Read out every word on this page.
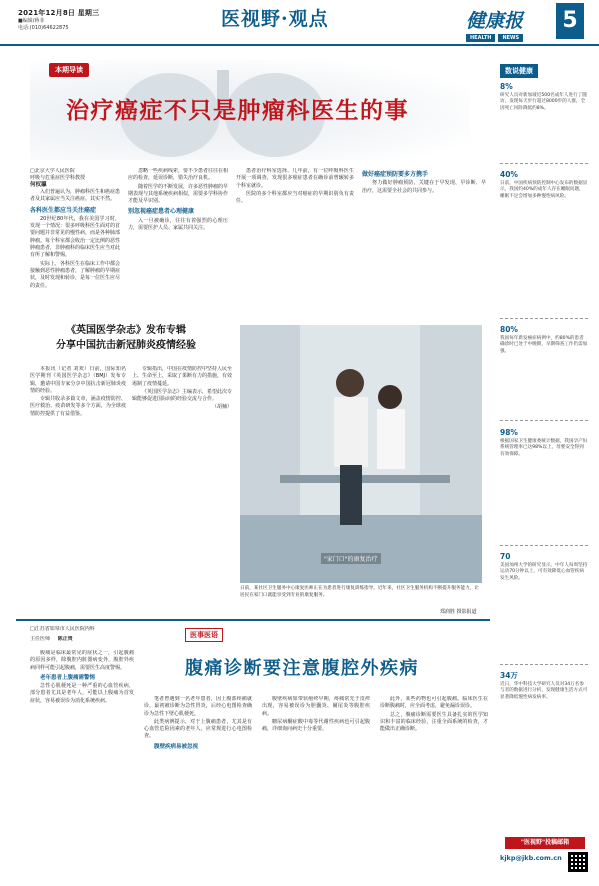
2021年12月8日 星期三
■编辑/蒋菲
电话:(010)64622875	医视野·观点	健康报
HEALTH	NEWS
5
本期导读
治疗癌症不只是肿瘤科医生的事
□北京大学人民医院
呼吸与危重症医学科教授
何权瀛

入们普遍认为，肿瘤科医生和癌症患者及其家属应当关注癌症。其实不然。

各科医生都应当关注癌症

20世纪80年代，我在美国学习时，发现一个情况：很多呼吸科医生面对的首要问题并非常见的慢性病，而是各种肺部肿瘤。每个科室都会收治一定比例的恶性肿瘤患者，非肿瘤科的临床医生应当对此有所了解和警惕。

实际上，各科医生在临床工作中都会接触到恶性肿瘤患者，了解肿瘤的早期症状，及时发现和转诊，是每一位医生应尽的责任。

忽略一些疾病线索，要不少患者往往在相应的检查，延误诊断，错失治疗良机。

随着医学的不断发展，许多恶性肿瘤的早期表现与其他系统疾病相似，需要多学科协作才能及早识别。

别忽视癌症患者心理健康

入一旦被确诊，往往有着强烈的心理压力，需要医护人员、家属共同关注。

患者治疗科室选择。几年前，有一位呼吸科医生开展一项调查，发现很多癌症患者在确诊前曾辗转多个科室就诊。

医院的多个科室都应当对癌症的早期识别负有责任。

做好癌症预防要多方携手

努力做好肿瘤预防，关键在于早发现、早诊断、早治疗，这需要全社会的共同参与。

《英国医学杂志》发布专辑
分享中国抗击新冠肺炎疫情经验

本报讯（记者 刘欢）日前，国际知名医学期刊《英国医学杂志》（BMJ）发布专辑，邀请中国专家分享中国抗击新冠肺炎疫情的经验。

专辑共收录多篇文章，涵盖疫情防控、医疗救治、疫苗研发等多个方面，为全球疫情防控提供了有益借鉴。

专辑指出，中国在疫情防控中坚持人民至上、生命至上，采取了果断有力的措施，有效遏制了疫情蔓延。

《英国医学杂志》主编表示，希望此次专辑能够促进国际间的经验交流与合作。

（胡楠）

"家门口"的康复治疗
日前，某社区卫生服务中心康复医师正在为患者进行康复训练指导。近年来，社区卫生服务机构不断提升服务能力，让居民在家门口就能享受到专业的康复服务。
郑润胜 摄影报道
数说健康
8%
研究人员对新加坡近500名成年人进行了随访，发现每天步行超过8000步的人群，全因死亡风险降低约8%。
40%
日前，中国疾病预防控制中心发布的数据显示，我国约40%的成年人存在睡眠问题，睡眠不足会增加多种慢性病风险。
80%
我国每年新发癌症病例中，约80%的患者确诊时已处于中晚期，早期筛查工作仍需加强。
98%
根据国家卫生健康委统计数据，我国孕产妇系统管理率已达98%以上，母婴安全得到有效保障。
70
美国加州大学的研究显示，中年人每周坚持运动70分钟以上，可有效降低心血管疾病发生风险。
34万
近日，华中科技大学研究人员对34万名参与者的数据进行分析，发现健康生活方式可显著降低慢性病发病率。
"医视野"投稿邮箱
kjkp@jkb.com.cn
□江苏省如皋市人民医院内科
主任医师 陈正贵	医事医语
腹痛诊断要注意腹腔外疾病

腹痛是临床最常见的症状之一，引起腹痛的原因多样，除腹腔内脏器病变外，腹腔外疾病同样可能引起腹痛，需要医生高度警惕。

老年患者上腹痛需警惕

急性心肌梗死是一种严重的心血管疾病，部分患者尤其是老年人，可能以上腹痛为首发症状，容易被误诊为消化系统疾病。	笔者曾遇到一名老年患者，因上腹部疼痛就诊，最初被诊断为急性胃炎，后经心电图检查确诊为急性下壁心肌梗死。

此类病例提示，对于上腹痛患者，尤其是有心血管危险因素的老年人，应常规进行心电图检查。

腹壁疾病易被忽视

腹壁疾病如带状疱疹早期，疼痛常先于皮疹出现，容易被误诊为胆囊炎、阑尾炎等腹腔疾病。

糖尿病酮症酸中毒等代谢性疾病也可引起腹痛，详细询问病史十分重要。

此外，某些药物也可引起腹痛。临床医生在诊断腹痛时，应全面考虑，避免漏诊误诊。

总之，腹痛诊断需要医生具备扎实的医学知识和丰富的临床经验，注重全面系统的检查，才能做出正确诊断。
